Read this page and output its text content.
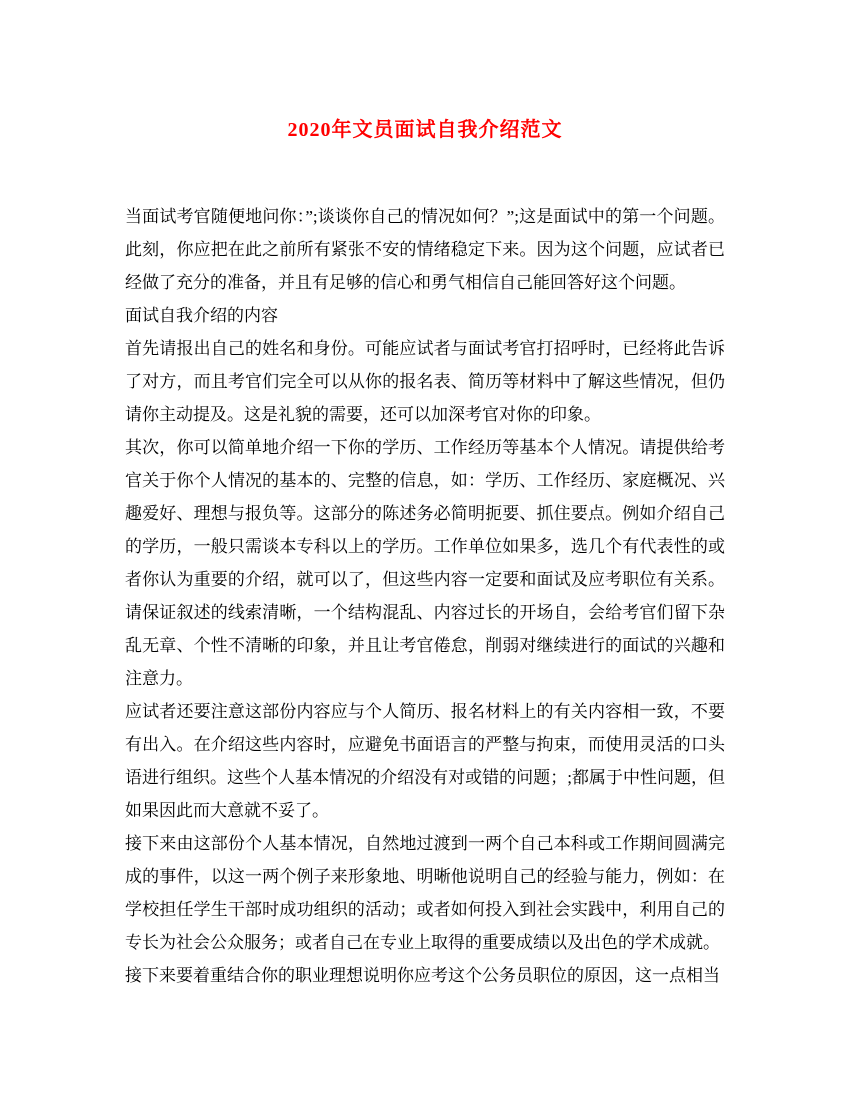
2020年文员面试自我介绍范文

当面试考官随便地问你：”;谈谈你自己的情况如何？”;这是面试中的第一个问题。此刻，你应把在此之前所有紧张不安的情绪稳定下来。因为这个问题，应试者已经做了充分的准备，并且有足够的信心和勇气相信自己能回答好这个问题。

面试自我介绍的内容

首先请报出自己的姓名和身份。可能应试者与面试考官打招呼时，已经将此告诉了对方，而且考官们完全可以从你的报名表、简历等材料中了解这些情况，但仍请你主动提及。这是礼貌的需要，还可以加深考官对你的印象。

其次，你可以简单地介绍一下你的学历、工作经历等基本个人情况。请提供给考官关于你个人情况的基本的、完整的信息，如：学历、工作经历、家庭概况、兴趣爱好、理想与报负等。这部分的陈述务必简明扼要、抓住要点。例如介绍自己的学历，一般只需谈本专科以上的学历。工作单位如果多，选几个有代表性的或者你认为重要的介绍，就可以了，但这些内容一定要和面试及应考职位有关系。请保证叙述的线索清晰，一个结构混乱、内容过长的开场自，会给考官们留下杂乱无章、个性不清晰的印象，并且让考官倦怠，削弱对继续进行的面试的兴趣和注意力。

应试者还要注意这部份内容应与个人简历、报名材料上的有关内容相一致，不要有出入。在介绍这些内容时，应避免书面语言的严整与拘束，而使用灵活的口头语进行组织。这些个人基本情况的介绍没有对或错的问题；;都属于中性问题，但如果因此而大意就不妥了。

接下来由这部份个人基本情况，自然地过渡到一两个自己本科或工作期间圆满完成的事件，以这一两个例子来形象地、明晰他说明自己的经验与能力，例如：在学校担任学生干部时成功组织的活动；或者如何投入到社会实践中，利用自己的专长为社会公众服务；或者自己在专业上取得的重要成绩以及出色的学术成就。

接下来要着重结合你的职业理想说明你应考这个公务员职位的原因，这一点相当
